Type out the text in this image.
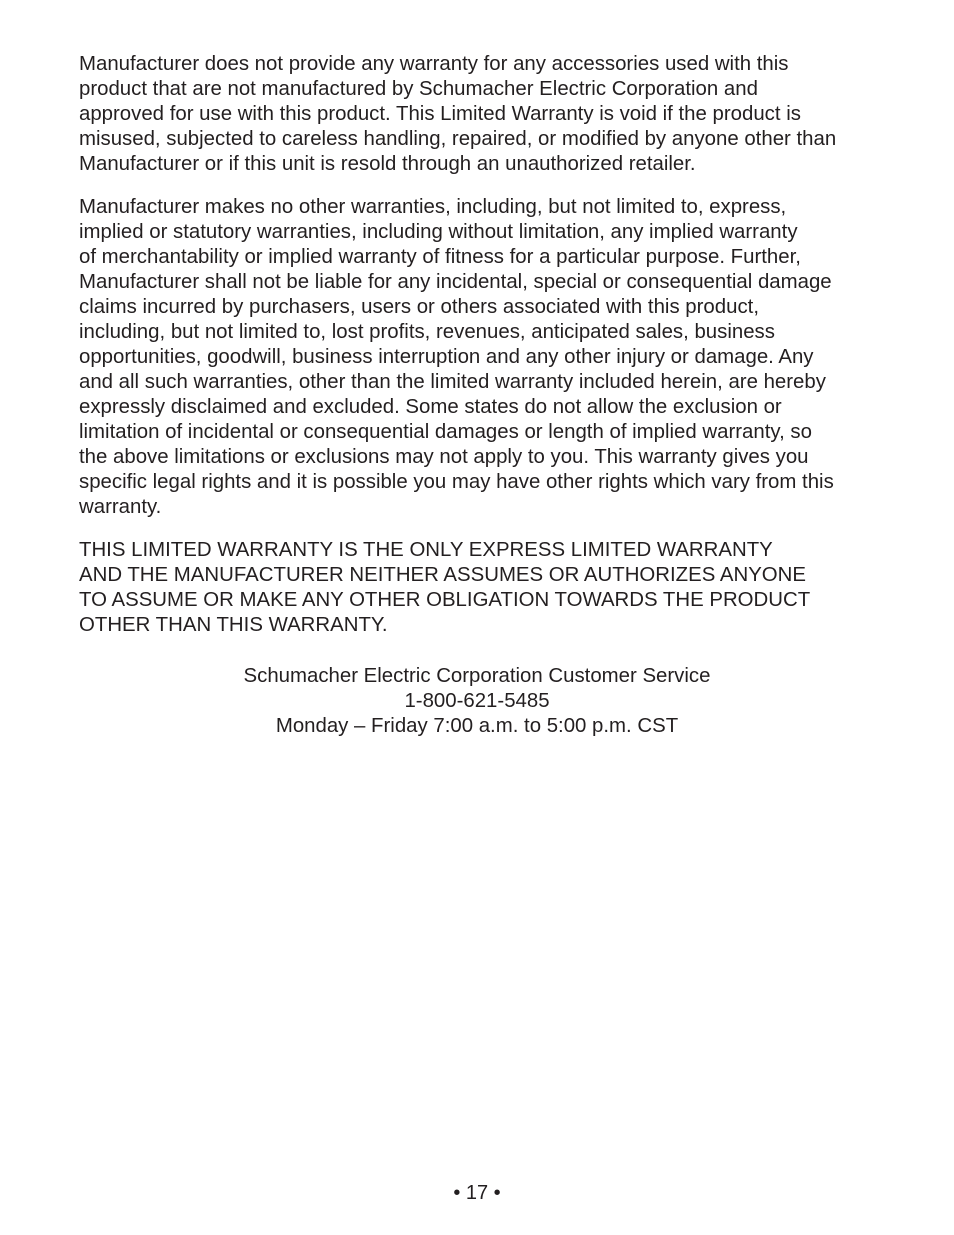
Manufacturer does not provide any warranty for any accessories used with this
product that are not manufactured by Schumacher Electric Corporation and
approved for use with this product. This Limited Warranty is void if the product is
misused, subjected to careless handling, repaired, or modified by anyone other than
Manufacturer or if this unit is resold through an unauthorized retailer.

Manufacturer makes no other warranties, including, but not limited to, express,
implied or statutory warranties, including without limitation, any implied warranty
of merchantability or implied warranty of fitness for a particular purpose. Further,
Manufacturer shall not be liable for any incidental, special or consequential damage
claims incurred by purchasers, users or others associated with this product,
including, but not limited to, lost profits, revenues, anticipated sales, business
opportunities, goodwill, business interruption and any other injury or damage. Any
and all such warranties, other than the limited warranty included herein, are hereby
expressly disclaimed and excluded. Some states do not allow the exclusion or
limitation of incidental or consequential damages or length of implied warranty, so
the above limitations or exclusions may not apply to you. This warranty gives you
specific legal rights and it is possible you may have other rights which vary from this
warranty.

THIS LIMITED WARRANTY IS THE ONLY EXPRESS LIMITED WARRANTY
AND THE MANUFACTURER NEITHER ASSUMES OR AUTHORIZES ANYONE
TO ASSUME OR MAKE ANY OTHER OBLIGATION TOWARDS THE PRODUCT
OTHER THAN THIS WARRANTY.

Schumacher Electric Corporation Customer Service
1-800-621-5485
Monday – Friday 7:00 a.m. to 5:00 p.m. CST
• 17 •
